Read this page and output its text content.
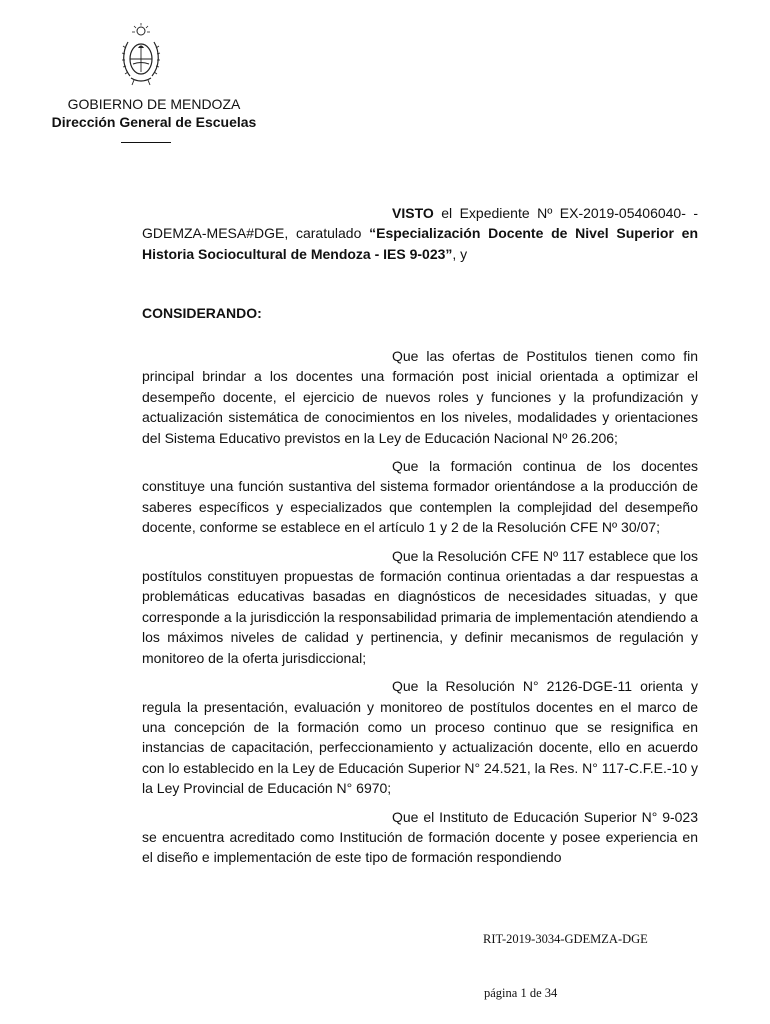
GOBIERNO DE MENDOZA
Dirección General de Escuelas

VISTO el Expediente Nº EX-2019-05406040- -GDEMZA-MESA#DGE, caratulado “Especialización Docente de Nivel Superior en Historia Sociocultural de Mendoza - IES 9-023”, y

CONSIDERANDO:

Que las ofertas de Postitulos tienen como fin principal brindar a los docentes una formación post inicial orientada a optimizar el desempeño docente, el ejercicio de nuevos roles y funciones y la profundización y actualización sistemática de conocimientos en los niveles, modalidades y orientaciones del Sistema Educativo previstos en la Ley de Educación Nacional Nº 26.206;

Que la formación continua de los docentes constituye una función sustantiva del sistema formador orientándose a la producción de saberes específicos y especializados que contemplen la complejidad del desempeño docente, conforme se establece en el artículo 1 y 2 de la Resolución CFE Nº 30/07;

Que la Resolución CFE Nº 117 establece que los postítulos constituyen propuestas de formación continua orientadas a dar respuestas a problemáticas educativas basadas en diagnósticos de necesidades situadas, y que corresponde a la jurisdicción la responsabilidad primaria de implementación atendiendo a los máximos niveles de calidad y pertinencia, y definir mecanismos de regulación y monitoreo de la oferta jurisdiccional;

Que la Resolución N° 2126-DGE-11 orienta y regula la presentación, evaluación y monitoreo de postítulos docentes en el marco de una concepción de la formación como un proceso continuo que se resignifica en instancias de capacitación, perfeccionamiento y actualización docente, ello en acuerdo con lo establecido en la Ley de Educación Superior N° 24.521, la Res. N° 117-C.F.E.-10 y la Ley Provincial de Educación N° 6970;

Que el Instituto de Educación Superior N° 9-023 se encuentra acreditado como Institución de formación docente y posee experiencia en el diseño e implementación de este tipo de formación respondiendo

RIT-2019-3034-GDEMZA-DGE
página 1 de 34
